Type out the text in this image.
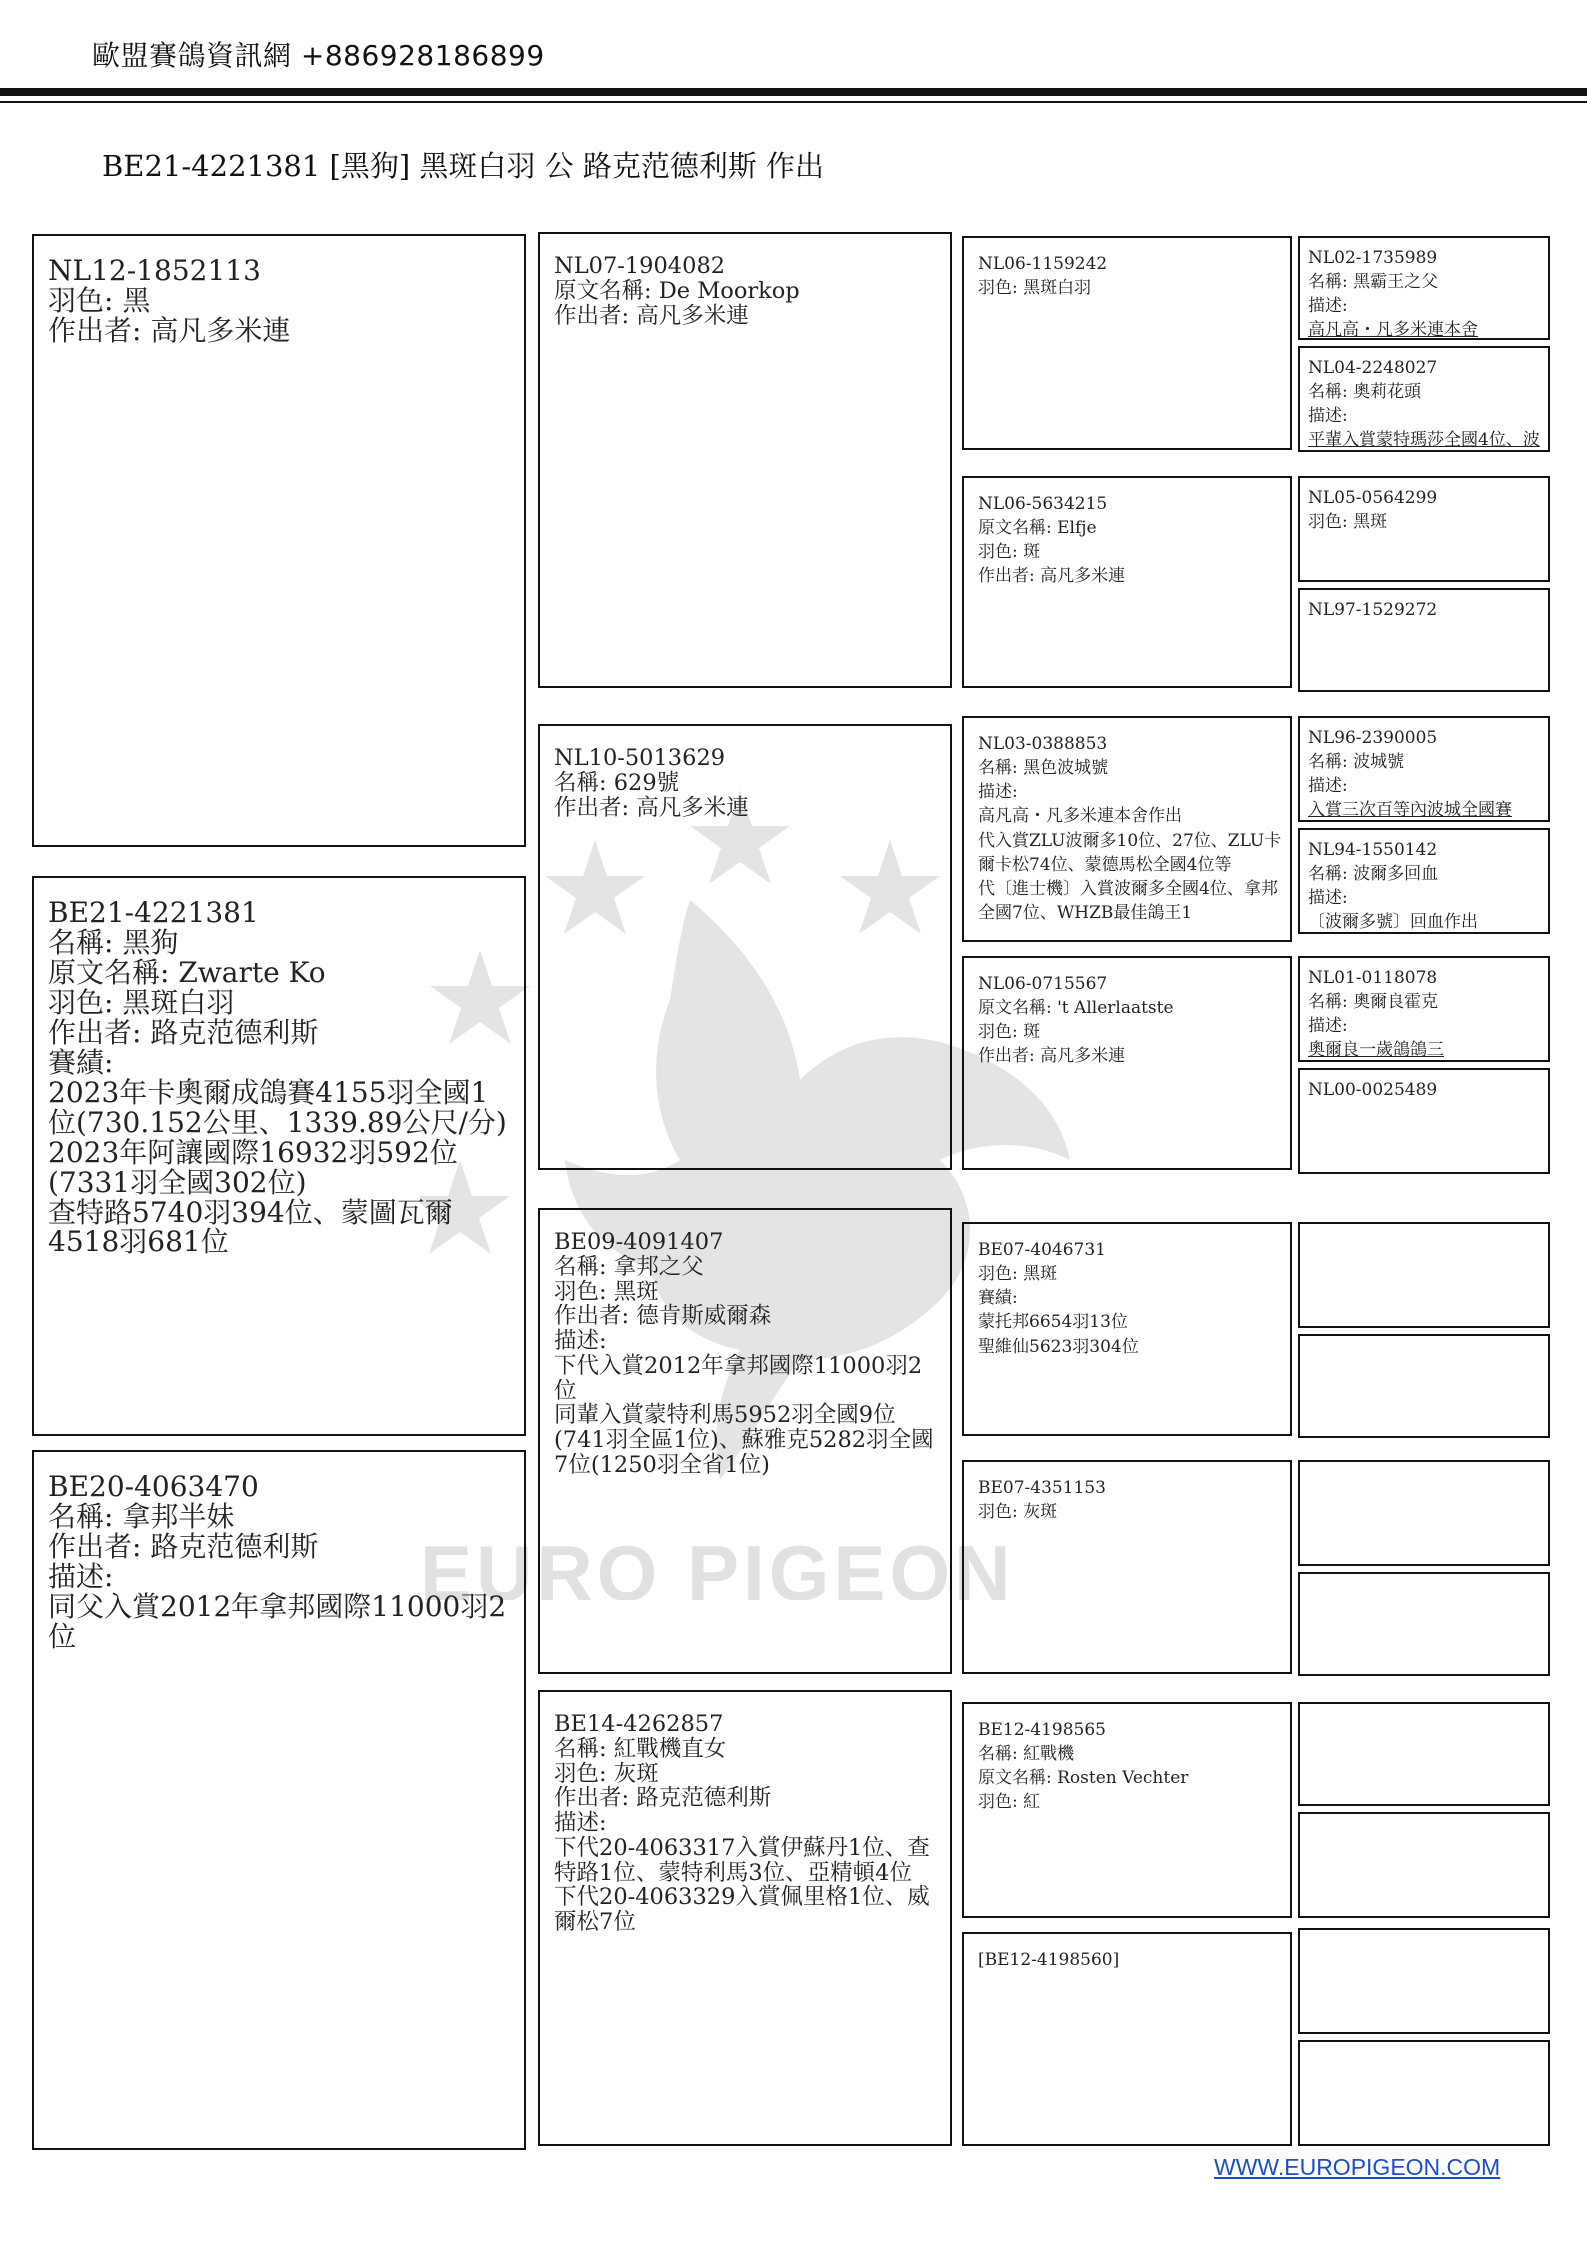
歐盟賽鴿資訊網 +886928186899
BE21-4221381 [黑狗] 黑斑白羽 公 路克范德利斯 作出
EURO PIGEON
NL12-1852113
羽色: 黑
作出者: 高凡多米連
BE21-4221381
名稱: 黑狗
原文名稱: Zwarte Ko
羽色: 黑斑白羽
作出者: 路克范德利斯
賽績:
2023年卡奧爾成鴿賽4155羽全國1位(730.152公里、1339.89公尺/分)
2023年阿讓國際16932羽592位(7331羽全國302位)
查特路5740羽394位、蒙圖瓦爾4518羽681位
BE20-4063470
名稱: 拿邦半妹
作出者: 路克范德利斯
描述:
同父入賞2012年拿邦國際11000羽2位
NL07-1904082
原文名稱: De Moorkop
作出者: 高凡多米連
NL10-5013629
名稱: 629號
作出者: 高凡多米連
BE09-4091407
名稱: 拿邦之父
羽色: 黑斑
作出者: 德肯斯威爾森
描述:
下代入賞2012年拿邦國際11000羽2位
同輩入賞蒙特利馬5952羽全國9位(741羽全區1位)、蘇雅克5282羽全國7位(1250羽全省1位)
BE14-4262857
名稱: 紅戰機直女
羽色: 灰斑
作出者: 路克范德利斯
描述:
下代20-4063317入賞伊蘇丹1位、查特路1位、蒙特利馬3位、亞精頓4位
下代20-4063329入賞佩里格1位、威爾松7位
NL06-1159242
羽色: 黑斑白羽
NL06-5634215
原文名稱: Elfje
羽色: 斑
作出者: 高凡多米連
NL03-0388853
名稱: 黑色波城號
描述:
高凡高・凡多米連本舍作出
代入賞ZLU波爾多10位、27位、ZLU卡爾卡松74位、蒙德馬松全國4位等
代〔進士機〕入賞波爾多全國4位、拿邦全國7位、WHZB最佳鴿王1
NL06-0715567
原文名稱: 't Allerlaatste
羽色: 斑
作出者: 高凡多米連
BE07-4046731
羽色: 黑斑
賽績:
蒙托邦6654羽13位
聖維仙5623羽304位
BE07-4351153
羽色: 灰斑
BE12-4198565
名稱: 紅戰機
原文名稱: Rosten Vechter
羽色: 紅
[BE12-4198560]
NL02-1735989
名稱: 黑霸王之父
描述:
高凡高・凡多米連本舍
NL04-2248027
名稱: 奧莉花頭
描述:
平輩入賞蒙特瑪莎全國4位、波
NL05-0564299
羽色: 黑斑
NL97-1529272
NL96-2390005
名稱: 波城號
描述:
入賞三次百等內波城全國賽
NL94-1550142
名稱: 波爾多回血
描述:
〔波爾多號〕回血作出
NL01-0118078
名稱: 奧爾良霍克
描述:
奧爾良一歲鴿鴿三
NL00-0025489
WWW.EUROPIGEON.COM
